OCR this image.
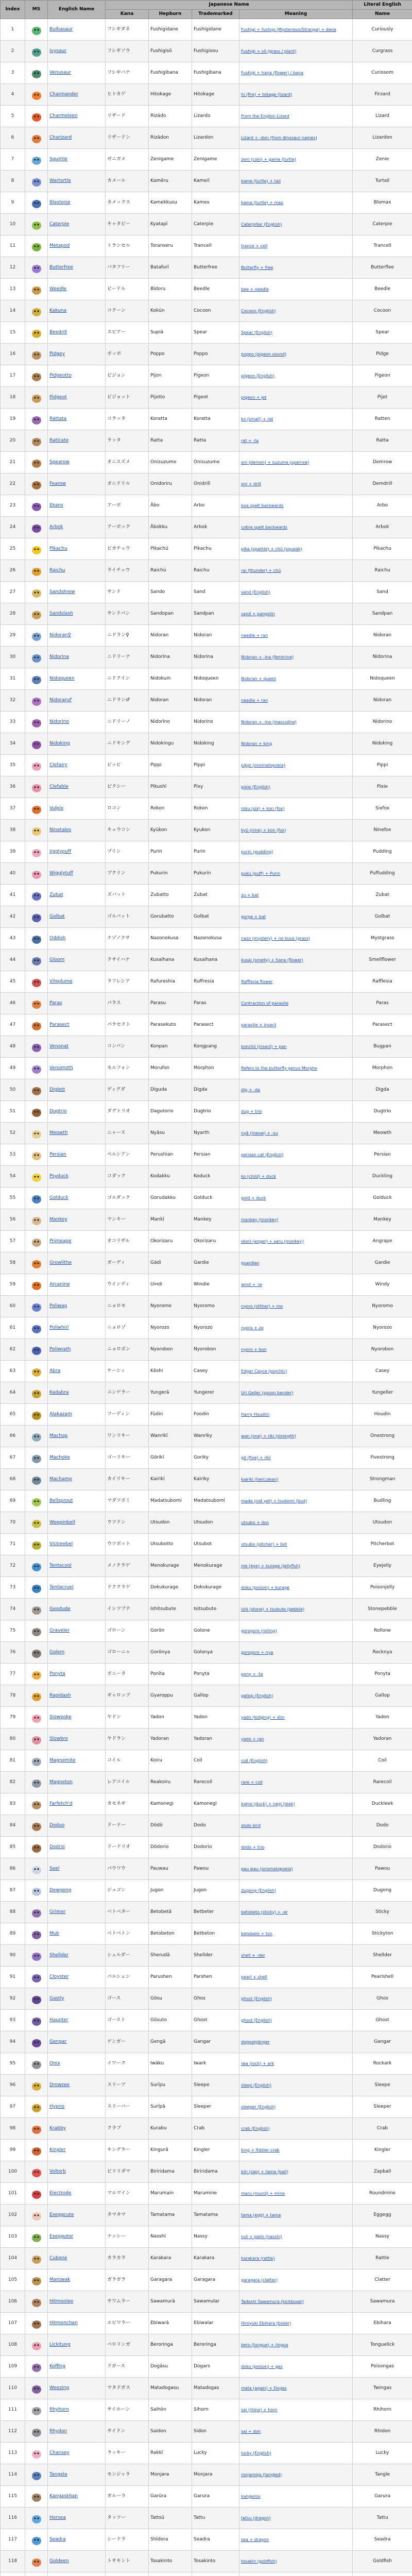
Index	MS	English Name	Japanese Name				Literal English
			Kana	Hepburn	Trademarked	Meaning	Name
1		Bulbasaur	フシギダネ	Fushigidane	Fushigidane	Fushigi + fushigi (Mysterious/Strange) + dane	Curiously
2		Ivysaur	フシギソウ	Fushigisō	Fushigisou	Fushigi + sō (grass / plant)	Curgrass
3		Venusaur	フシギバナ	Fushigibana	Fushigibana	Fushigi + hana (flower) / bana	Curiosom
4		Charmander	ヒトカゲ	Hitokage	Hitokage	hi (fire) + tokage (lizard)	Firzard
5		Charmeleon	リザード	Rizādo	Lizardo	From the English Lizard	Lizard
6		Charizard	リザードン	Rizādon	Lizardon	Lizard + -don (from dinosaur names)	Lizardon
7		Squirtle	ゼニガメ	Zenigame	Zenigame	zeni (coin) + game (turtle)	Zenie
8		Wartortle	カメール	Kamēru	Kameil	kame (turtle) + tail	Turtail
9		Blastoise	カメックス	Kamekkusu	Kamex	kame (turtle) + max	Blomax
10		Caterpie	キャタピー	Kyatapī	Caterpie	Caterpillar (English)	Caterpie
11		Metapod	トランセル	Toranseru	Trancell	trance + cell	Trancell
12		Butterfree	バタフリー	Batafurī	Butterfree	Butterfly + free	Butterflee
13		Weedle	ビードル	Bīdoru	Beedle	bee + needle	Beedle
14		Kakuna	コクーン	Kokūn	Cocoon	Cocoon (English)	Cocoon
15		Beedrill	スピアー	Supiā	Spear	Spear (English)	Spear
16		Pidgey	ポッポ	Poppo	Poppo	poppo (pigeon sound)	Pidge
17		Pidgeotto	ピジョン	Pijon	Pigeon	pigeon (English)	Pigeon
18		Pidgeot	ピジョット	Pijotto	Pigeot	pigeon + jet	Pijet
19		Rattata	コラッタ	Koratta	Koratta	ko (small) + rat	Ratten
20		Raticate	ラッタ	Ratta	Ratta	rat + -ta	Ratta
21		Spearow	オニスズメ	Onisuzume	Onisuzume	oni (demon) + suzume (sparrow)	Demrow
22		Fearow	オニドリル	Onidoriru	Onidrill	oni + drill	Demdrill
23		Ekans	アーボ	Ābo	Arbo	boa spelt backwards	Arbo
24		Arbok	アーボック	Ābokku	Arbok	cobra spelt backwards	Arbok
25		Pikachu	ピカチュウ	Pikachū	Pikachu	pika (sparkle) + chū (squeak)	Pikachu
26		Raichu	ライチュウ	Raichū	Raichu	rai (thunder) + chū	Raichu
27		Sandshrew	サンド	Sando	Sand	sand (English)	Sand
28		Sandslash	サンドパン	Sandopan	Sandpan	sand + pangolin	Sandpan
29		Nidoran♀	ニドラン♀	Nidoran	Nidoran	needle + ran	Nidoran
30		Nidorina	ニドリーナ	Nidorīna	Nidorina	Nidoran + -ina (feminine)	Nidorina
31		Nidoqueen	ニドクイン	Nidokuin	Nidoqueen	Nidoran + queen	Nidoqueen
32		Nidoran♂	ニドラン♂	Nidoran	Nidoran	needle + ran	Nidoran
33		Nidorino	ニドリーノ	Nidorīno	Nidorino	Nidoran + -ino (masculine)	Nidorino
34		Nidoking	ニドキング	Nidokingu	Nidoking	Nidoran + king	Nidoking
35		Clefairy	ピッピ	Pippi	Pippi	pippi (onomatopoeia)	Pippi
36		Clefable	ピクシー	Pikushī	Pixy	pixie (English)	Pixie
37		Vulpix	ロコン	Rokon	Rokon	roku (six) + kon (fox)	Sixfox
38		Ninetales	キュウコン	Kyūkon	Kyukon	kyū (nine) + kon (fox)	Ninefox
39		Jigglypuff	プリン	Purin	Purin	purin (pudding)	Pudding
40		Wigglytuff	プクリン	Pukurin	Pukurin	puku (puff) + Purin	Puffudding
41		Zubat	ズバット	Zubatto	Zubat	zu + bat	Zubat
42		Golbat	ゴルバット	Gorubatto	Golbat	gorge + bat	Golbat
43		Oddish	ナゾノクサ	Nazonokusa	Nazonokusa	nazo (mystery) + no kusa (grass)	Mystgrass
44		Gloom	クサイハナ	Kusaihana	Kusaihana	kusai (smelly) + hana (flower)	Smellflower
45		Vileplume	ラフレシア	Rafureshia	Ruffresia	Rafflesia flower	Rafflesia
46		Paras	パラス	Parasu	Paras	Contraction of parasite	Paras
47		Parasect	パラセクト	Parasekuto	Parasect	parasite + insect	Parasect
48		Venonat	コンパン	Konpan	Kongpang	konchū (insect) + pan	Bugpan
49		Venomoth	モルフォン	Morufon	Morphon	Refers to the butterfly genus Morpho	Morphon
50		Diglett	ディグダ	Diguda	Digda	dig + -da	Digda
51		Dugtrio	ダグトリオ	Dagutorio	Dugtrio	dug + trio	Dugtrio
52		Meowth	ニャース	Nyāsu	Nyarth	nyā (meow) + -su	Meowth
53		Persian	ペルシアン	Perushian	Persian	persian cat (English)	Persian
54		Psyduck	コダック	Kodakku	Koduck	ko (child) + duck	Duckling
55		Golduck	ゴルダック	Gorudakku	Golduck	gold + duck	Golduck
56		Mankey	マンキー	Mankī	Mankey	mankey (monkey)	Mankey
57		Primeape	オコリザル	Okorizaru	Okorizaru	okori (anger) + saru (monkey)	Angrape
58		Growlithe	ガーディ	Gādi	Gardie	guardian	Gardie
59		Arcanine	ウインディ	Uindi	Windie	wind + -ie	Windy
60		Poliwag	ニョロモ	Nyoromo	Nyoromo	nyoro (slither) + mo	Nyoromo
61		Poliwhirl	ニョロゾ	Nyorozo	Nyorozo	nyoro + zo	Nyorozo
62		Poliwrath	ニョロボン	Nyorobon	Nyorobon	nyoro + bon	Nyorobon
63		Abra	ケーシィ	Kēshi	Casey	Edgar Cayce (psychic)	Casey
64		Kadabra	ユンゲラー	Yungerā	Yungerer	Uri Geller (spoon bender)	Yungeller
65		Alakazam	フーディン	Fūdin	Foodin	Harry Houdini	Houdin
66		Machop	ワンリキー	Wanrikī	Wanriky	wan (one) + riki (strength)	Onestrong
67		Machoke	ゴーリキー	Gōrikī	Goriky	gō (five) + riki	Fivestrong
68		Machamp	カイリキー	Kairikī	Kairiky	kairiki (herculean)	Strongman
69		Bellsprout	マダツボミ	Madatsubomi	Madatsubomi	mada (not yet) + tsubomi (bud)	Budling
70		Weepinbell	ウツドン	Utsudon	Utsudon	utsubo + don	Utsudon
71		Victreebel	ウツボット	Utsubotto	Utsubot	utsubo (pitcher) + bot	Pitcherbot
72		Tentacool	メノクラゲ	Menokurage	Menokurage	me (eye) + kurage (jellyfish)	Eyejelly
73		Tentacruel	ドククラゲ	Dokukurage	Dokukurage	doku (poison) + kurage	Poisonjelly
74		Geodude	イシツブテ	Ishitsubute	Isitsubute	ishi (stone) + tsubute (pebble)	Stonepebble
75		Graveler	ゴローン	Gorōn	Golone	gorogoro (rolling)	Rollone
76		Golem	ゴローニャ	Gorōnya	Golonya	gorogoro + nya	Rocknya
77		Ponyta	ポニータ	Ponīta	Ponyta	pony + -ta	Ponyta
78		Rapidash	ギャロップ	Gyaroppu	Gallop	gallop (English)	Gallop
79		Slowpoke	ヤドン	Yadon	Yadon	yado (lodging) + don	Yadon
80		Slowbro	ヤドラン	Yadoran	Yadoran	yado + ran	Yadoran
81		Magnemite	コイル	Koiru	Coil	coil (English)	Coil
82		Magneton	レアコイル	Reakoiru	Rarecoil	rare + coil	Rarecoil
83		Farfetch'd	カモネギ	Kamonegi	Kamonegi	kamo (duck) + negi (leek)	Duckleek
84		Doduo	ドードー	Dōdō	Dodo	dodo bird	Dodo
85		Dodrio	ドードリオ	Dōdorio	Dodorio	dodo + trio	Dodorio
86		Seel	パウワウ	Pauwau	Pawou	pau wau (onomatopoeia)	Pawou
87		Dewgong	ジュゴン	Jugon	Jugon	dugong (English)	Dugong
88		Grimer	ベトベター	Betobetā	Betbeter	betobeto (sticky) + -er	Sticky
89		Muk	ベトベトン	Betobeton	Betbeton	betobeto + ton	Stickyton
90		Shellder	シェルダー	Sherudā	Shellder	shell + -der	Shellder
91		Cloyster	パルシェン	Parushen	Parshen	pearl + shell	Pearlshell
92		Gastly	ゴース	Gōsu	Ghos	ghost (English)	Ghos
93		Haunter	ゴースト	Gōsuto	Ghost	ghost (English)	Ghost
94		Gengar	ゲンガー	Gengā	Gangar	doppelgänger	Gangar
95		Onix	イワーク	Iwāku	Iwark	iwa (rock) + ark	Rockark
96		Drowzee	スリープ	Surīpu	Sleepe	sleep (English)	Sleepe
97		Hypno	スリーパー	Surīpā	Sleeper	sleeper (English)	Sleeper
98		Krabby	クラブ	Kurabu	Crab	crab (English)	Crab
99		Kingler	キングラー	Kingurā	Kingler	king + fiddler crab	Kingler
100		Voltorb	ビリリダマ	Biriridama	Biriridama	biri (zap) + tama (ball)	Zapball
101		Electrode	マルマイン	Marumain	Marumine	maru (round) + mine	Roundmine
102		Exeggcute	タマタマ	Tamatama	Tamatama	tama (egg) + tama	Eggegg
103		Exeggutor	ナッシー	Nasshī	Nassy	nut + palm (nasshi)	Nassy
104		Cubone	カラカラ	Karakara	Karakara	karakara (rattle)	Rattle
105		Marowak	ガラガラ	Garagara	Garagara	garagara (clatter)	Clatter
106		Hitmonlee	サワムラー	Sawamurā	Sawamular	Tadashi Sawamura (kickboxer)	Sawamura
107		Hitmonchan	エビワラー	Ebiwarā	Ebiwalar	Hiroyuki Ebihara (boxer)	Ebihara
108		Lickitung	ベロリンガ	Beroringa	Beroringa	bero (tongue) + lingua	Tonguelick
109		Koffing	ドガース	Dogāsu	Dogars	doku (poison) + gas	Poisongas
110		Weezing	マタドガス	Matadogasu	Matadogas	mata (again) + Dogas	Twingas
111		Rhyhorn	サイホーン	Saihōn	Sihorn	sai (rhino) + horn	Rhihorn
112		Rhydon	サイドン	Saidon	Sidon	sai + don	Rhidon
113		Chansey	ラッキー	Rakkī	Lucky	lucky (English)	Lucky
114		Tangela	モンジャラ	Monjara	Monjara	mojamoja (tangled)	Tangle
115		Kangaskhan	ガルーラ	Garūra	Garura	kangaroo	Garura
116		Horsea	タッツー	Tattsū	Tattu	tatsu (dragon)	Tattu
117		Seadra	シードラ	Shīdora	Seadra	sea + dragon	Seadra
118		Goldeen	トサキント	Tosakinto	Tosakinto	tosakin (goldfish)	Goldfish
